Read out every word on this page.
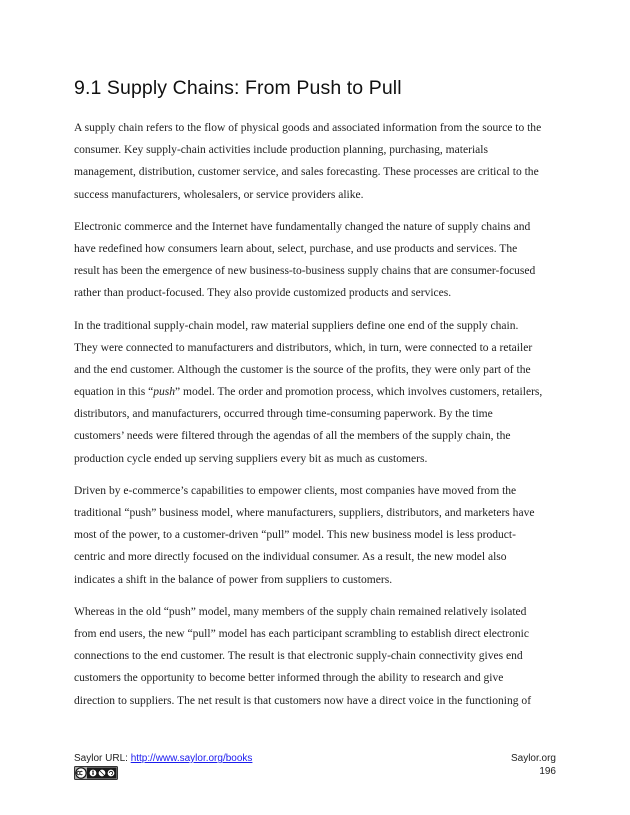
9.1 Supply Chains: From Push to Pull

A supply chain refers to the flow of physical goods and associated information from the source to the
consumer. Key supply-chain activities include production planning, purchasing, materials
management, distribution, customer service, and sales forecasting. These processes are critical to the
success manufacturers, wholesalers, or service providers alike.

Electronic commerce and the Internet have fundamentally changed the nature of supply chains and
have redefined how consumers learn about, select, purchase, and use products and services. The
result has been the emergence of new business-to-business supply chains that are consumer-focused
rather than product-focused. They also provide customized products and services.

In the traditional supply-chain model, raw material suppliers define one end of the supply chain.
They were connected to manufacturers and distributors, which, in turn, were connected to a retailer
and the end customer. Although the customer is the source of the profits, they were only part of the
equation in this “push” model. The order and promotion process, which involves customers, retailers,
distributors, and manufacturers, occurred through time-consuming paperwork. By the time
customers’ needs were filtered through the agendas of all the members of the supply chain, the
production cycle ended up serving suppliers every bit as much as customers.

Driven by e-commerce’s capabilities to empower clients, most companies have moved from the
traditional “push” business model, where manufacturers, suppliers, distributors, and marketers have
most of the power, to a customer-driven “pull” model. This new business model is less product-
centric and more directly focused on the individual consumer. As a result, the new model also
indicates a shift in the balance of power from suppliers to customers.

Whereas in the old “push” model, many members of the supply chain remained relatively isolated
from end users, the new “pull” model has each participant scrambling to establish direct electronic
connections to the end customer. The result is that electronic supply-chain connectivity gives end
customers the opportunity to become better informed through the ability to research and give
direction to suppliers. The net result is that customers now have a direct voice in the functioning of

Saylor URL: http://www.saylor.org/books	Saylor.org
196
